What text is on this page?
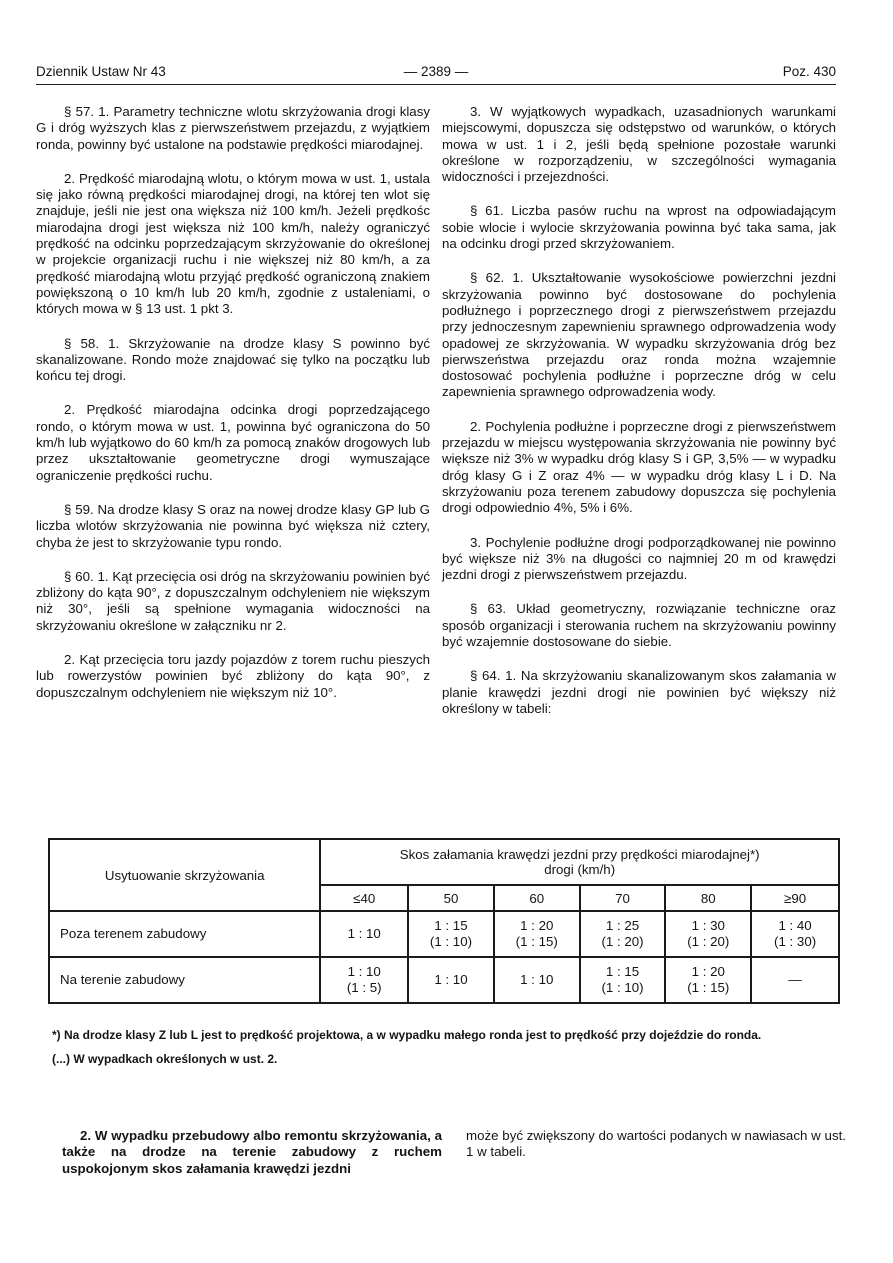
Dziennik Ustaw Nr 43	— 2389 —	Poz. 430

§ 57. 1. Parametry techniczne wlotu skrzyżowania drogi klasy G i dróg wyższych klas z pierwszeństwem przejazdu, z wyjątkiem ronda, powinny być ustalone na podstawie prędkości miarodajnej.

2. Prędkość miarodajną wlotu, o którym mowa w ust. 1, ustala się jako równą prędkości miarodajnej drogi, na której ten wlot się znajduje, jeśli nie jest ona większa niż 100 km/h. Jeżeli prędkośc miarodajna drogi jest większa niż 100 km/h, należy ograniczyć prędkość na odcinku poprzedzającym skrzyżowanie do określonej w projekcie organizacji ruchu i nie większej niż 80 km/h, a za prędkość miarodajną wlotu przyjąć prędkość ograniczoną znakiem powiększoną o 10 km/h lub 20 km/h, zgodnie z ustaleniami, o których mowa w § 13 ust. 1 pkt 3.

§ 58. 1. Skrzyżowanie na drodze klasy S powinno być skanalizowane. Rondo może znajdować się tylko na początku lub końcu tej drogi.

2. Prędkość miarodajna odcinka drogi poprzedzającego rondo, o którym mowa w ust. 1, powinna być ograniczona do 50 km/h lub wyjątkowo do 60 km/h za pomocą znaków drogowych lub przez ukształtowanie geometryczne drogi wymuszające ograniczenie prędkości ruchu.

§ 59. Na drodze klasy S oraz na nowej drodze klasy GP lub G liczba wlotów skrzyżowania nie powinna być większa niż cztery, chyba że jest to skrzyżowanie typu rondo.

§ 60. 1. Kąt przecięcia osi dróg na skrzyżowaniu powinien być zbliżony do kąta 90°, z dopuszczalnym odchyleniem nie większym niż 30°, jeśli są spełnione wymagania widoczności na skrzyżowaniu określone w załączniku nr 2.

2. Kąt przecięcia toru jazdy pojazdów z torem ruchu pieszych lub rowerzystów powinien być zbliżony do kąta 90°, z dopuszczalnym odchyleniem nie większym niż 10°.

3. W wyjątkowych wypadkach, uzasadnionych warunkami miejscowymi, dopuszcza się odstępstwo od warunków, o których mowa w ust. 1 i 2, jeśli będą spełnione pozostałe warunki określone w rozporządzeniu, w szczególności wymagania widoczności i przejezdności.

§ 61. Liczba pasów ruchu na wprost na odpowiadającym sobie wlocie i wylocie skrzyżowania powinna być taka sama, jak na odcinku drogi przed skrzyżowaniem.

§ 62. 1. Ukształtowanie wysokościowe powierzchni jezdni skrzyżowania powinno być dostosowane do pochylenia podłużnego i poprzecznego drogi z pierwszeństwem przejazdu przy jednoczesnym zapewnieniu sprawnego odprowadzenia wody opadowej ze skrzyżowania. W wypadku skrzyżowania dróg bez pierwszeństwa przejazdu oraz ronda można wzajemnie dostosować pochylenia podłużne i poprzeczne dróg w celu zapewnienia sprawnego odprowadzenia wody.

2. Pochylenia podłużne i poprzeczne drogi z pierwszeństwem przejazdu w miejscu występowania skrzyżowania nie powinny być większe niż 3% w wypadku dróg klasy S i GP, 3,5% — w wypadku dróg klasy G i Z oraz 4% — w wypadku dróg klasy L i D. Na skrzyżowaniu poza terenem zabudowy dopuszcza się pochylenia drogi odpowiednio 4%, 5% i 6%.

3. Pochylenie podłużne drogi podporządkowanej nie powinno być większe niż 3% na długości co najmniej 20 m od krawędzi jezdni drogi z pierwszeństwem przejazdu.

§ 63. Układ geometryczny, rozwiązanie techniczne oraz sposób organizacji i sterowania ruchem na skrzyżowaniu powinny być wzajemnie dostosowane do siebie.

§ 64. 1. Na skrzyżowaniu skanalizowanym skos załamania w planie krawędzi jezdni drogi nie powinien być większy niż określony w tabeli:

Usytuowanie skrzyżowania	Skos załamania krawędzi jezdni przy prędkości miarodajnej*)
drogi (km/h)					
	≤40	50	60	70	80	≥90
Poza terenem zabudowy	1 : 10	1 : 15
(1 : 10)	1 : 20
(1 : 15)	1 : 25
(1 : 20)	1 : 30
(1 : 20)	1 : 40
(1 : 30)
Na terenie zabudowy	1 : 10
(1 : 5)	1 : 10	1 : 10	1 : 15
(1 : 10)	1 : 20
(1 : 15)	—

*) Na drodze klasy Z lub L jest to prędkość projektowa, a w wypadku małego ronda jest to prędkość przy dojeździe do ronda.

(...) W wypadkach określonych w ust. 2.

2. W wypadku przebudowy albo remontu skrzyżowania, a także na drodze na terenie zabudowy z ruchem uspokojonym skos załamania krawędzi jezdni

może być zwiększony do wartości podanych w nawiasach w ust. 1 w tabeli.
